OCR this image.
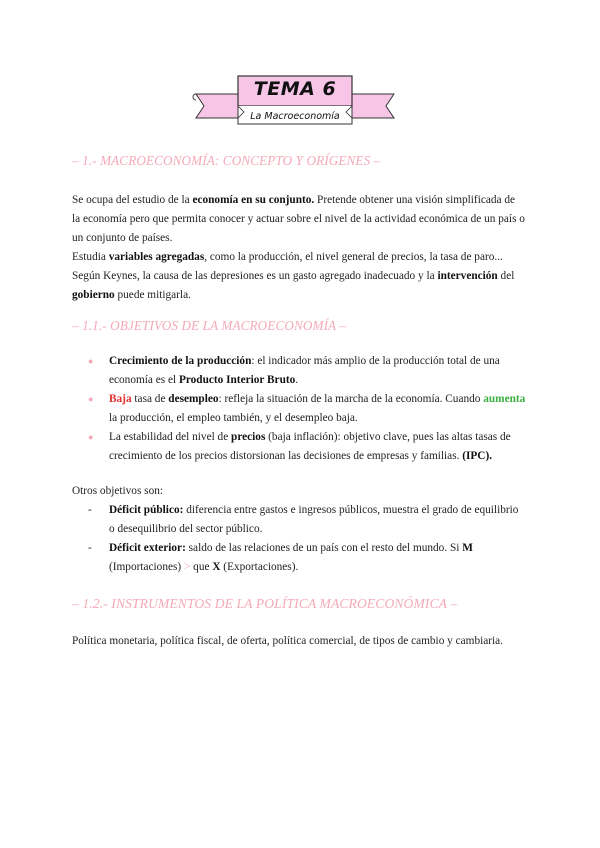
TEMA 6
La Macroeconomía
– 1.- MACROECONOMÍA: CONCEPTO Y ORÍGENES –
Se ocupa del estudio de la economía en su conjunto. Pretende obtener una visión simplificada de
la economía pero que permita conocer y actuar sobre el nivel de la actividad económica de un país o
un conjunto de países.
Estudia variables agregadas, como la producción, el nivel general de precios, la tasa de paro...
Según Keynes, la causa de las depresiones es un gasto agregado inadecuado y la intervención del
gobierno puede mitigarla.
– 1.1.- OBJETIVOS DE LA MACROECONOMÍA –
● Crecimiento de la producción: el indicador más amplio de la producción total de una
economía es el Producto Interior Bruto.
● Baja tasa de desempleo: refleja la situación de la marcha de la economía. Cuando aumenta
la producción, el empleo también, y el desempleo baja.
● La estabilidad del nivel de precios (baja inflación): objetivo clave, pues las altas tasas de
crecimiento de los precios distorsionan las decisiones de empresas y familias. (IPC).
Otros objetivos son:
- Déficit público: diferencia entre gastos e ingresos públicos, muestra el grado de equilibrio
o desequilibrio del sector público.
- Déficit exterior: saldo de las relaciones de un país con el resto del mundo. Si M
(Importaciones) > que X (Exportaciones).
– 1.2.- INSTRUMENTOS DE LA POLÍTICA MACROECONÓMICA –
Política monetaria, política fiscal, de oferta, política comercial, de tipos de cambio y cambiaria.
